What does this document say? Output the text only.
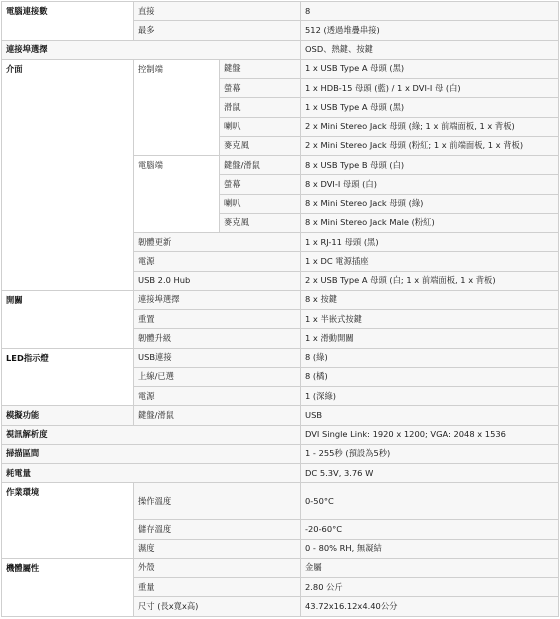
電腦連接數	直接		8
	最多		512 (透過堆疊串接)
連接埠選擇			OSD、熱鍵、按鍵
介面	控制端	鍵盤	1 x USB Type A 母頭 (黑)
		螢幕	1 x HDB-15 母頭 (藍) / 1 x DVI-I 母 (白)
		滑鼠	1 x USB Type A 母頭 (黑)
		喇叭	2 x Mini Stereo Jack 母頭 (綠; 1 x 前端面板, 1 x 背板)
		麥克風	2 x Mini Stereo Jack 母頭 (粉紅; 1 x 前端面板, 1 x 背板)
	電腦端	鍵盤/滑鼠	8 x USB Type B 母頭 (白)
		螢幕	8 x DVI-I 母頭 (白)
		喇叭	8 x Mini Stereo Jack 母頭 (綠)
		麥克風	8 x Mini Stereo Jack Male (粉紅)
	韌體更新		1 x RJ-11 母頭 (黑)
	電源		1 x DC 電源插座
	USB 2.0 Hub		2 x USB Type A 母頭 (白; 1 x 前端面板, 1 x 背板)
開關	連接埠選擇		8 x 按鍵
	重置		1 x 半嵌式按鍵
	韌體升級		1 x 滑動開關
LED指示燈	USB連接		8 (綠)
	上線/已選		8 (橘)
	電源		1 (深綠)
模擬功能	鍵盤/滑鼠		USB
視訊解析度			DVI Single Link: 1920 x 1200; VGA: 2048 x 1536
掃描區間			1 - 255秒 (預設為5秒)
耗電量			DC 5.3V, 3.76 W
作業環境	操作溫度		0-50°C
	儲存溫度		-20-60°C
	濕度		0 - 80% RH, 無凝結
機體屬性	外殼		金屬
	重量		2.80 公斤
	尺寸 (長x寬x高)		43.72x16.12x4.40公分
